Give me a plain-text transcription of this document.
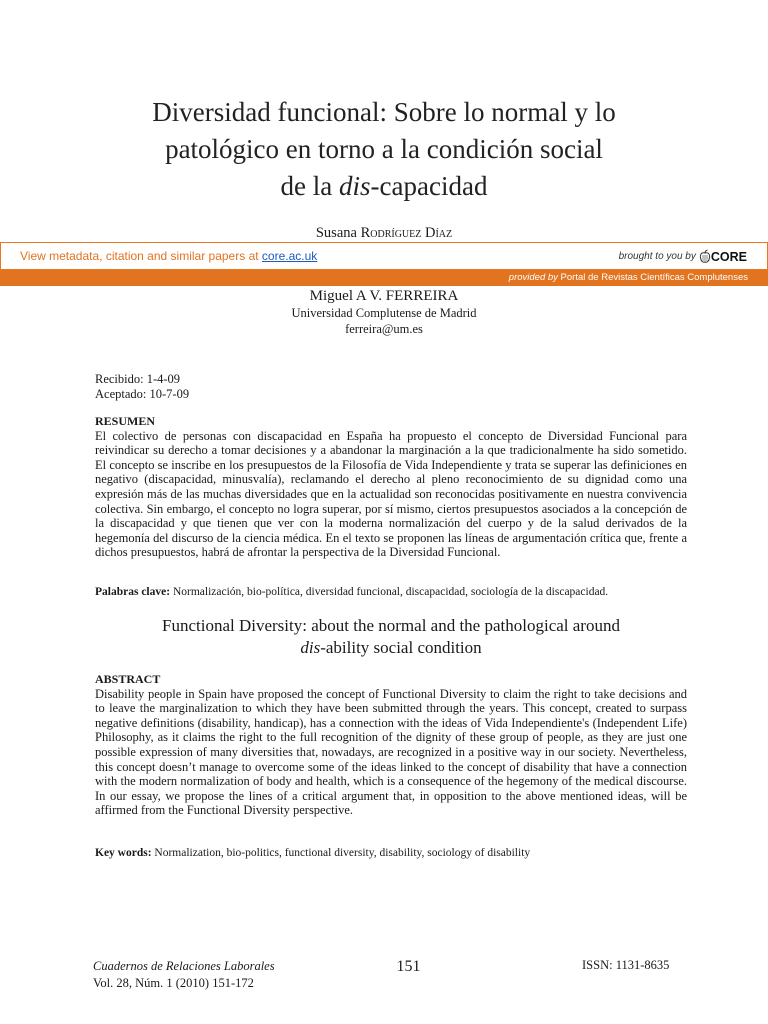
Diversidad funcional: Sobre lo normal y lo
patológico en torno a la condición social
de la dis-capacidad
Susana Rodríguez Díaz
View metadata, citation and similar papers at core.ac.uk	brought to you by CORE
provided by Portal de Revistas Científicas Complutenses
Miguel A V. FERREIRA
Universidad Complutense de Madrid
ferreira@um.es
Recibido: 1-4-09
Aceptado: 10-7-09
RESUMEN
El colectivo de personas con discapacidad en España ha propuesto el concepto de Diversidad Funcional para reivindicar su derecho a tomar decisiones y a abandonar la marginación a la que tradicionalmente ha sido sometido. El concepto se inscribe en los presupuestos de la Filosofía de Vida Independiente y trata se superar las definiciones en negativo (discapacidad, minusvalía), reclamando el derecho al pleno reconocimiento de su dignidad como una expresión más de las muchas diversidades que en la actualidad son reconocidas positivamente en nuestra convivencia colectiva. Sin embargo, el concepto no logra superar, por sí mismo, ciertos presupuestos asociados a la concepción de la discapacidad y que tienen que ver con la moderna normalización del cuerpo y de la salud derivados de la hegemonía del discurso de la ciencia médica. En el texto se proponen las líneas de argumentación crítica que, frente a dichos presupuestos, habrá de afrontar la perspectiva de la Diversidad Funcional.
Palabras clave: Normalización, bio-política, diversidad funcional, discapacidad, sociología de la discapacidad.
Functional Diversity: about the normal and the pathological around
dis-ability social condition
ABSTRACT
Disability people in Spain have proposed the concept of Functional Diversity to claim the right to take decisions and to leave the marginalization to which they have been submitted through the years. This concept, created to surpass negative definitions (disability, handicap), has a connection with the ideas of Vida Independiente's (Independent Life) Philosophy, as it claims the right to the full recognition of the dignity of these group of people, as they are just one possible expression of many diversities that, nowadays, are recognized in a positive way in our society. Nevertheless, this concept doesn’t manage to overcome some of the ideas linked to the concept of disability that have a connection with the modern normalization of body and health, which is a consequence of the hegemony of the medical discourse. In our essay, we propose the lines of a critical argument that, in opposition to the above mentioned ideas, will be affirmed from the Functional Diversity perspective.
Key words: Normalization, bio-politics, functional diversity, disability, sociology of disability
Cuadernos de Relaciones Laborales
Vol. 28, Núm. 1 (2010) 151-172
151	ISSN: 1131-8635
